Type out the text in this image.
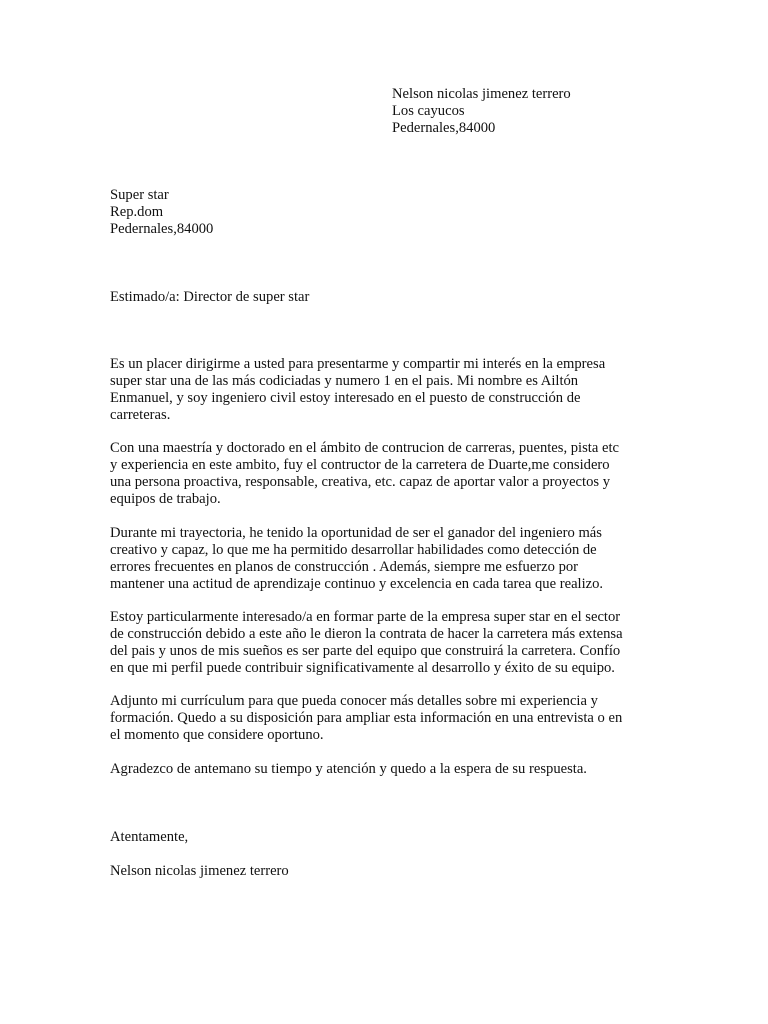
Nelson nicolas jimenez terrero
Los cayucos
Pedernales,84000
Super star
Rep.dom
Pedernales,84000
Estimado/a: Director de super star
Es un placer dirigirme a usted para presentarme y compartir mi interés en la empresa
super star una de las más codiciadas y numero 1 en el pais. Mi nombre es Ailtón
Enmanuel, y soy ingeniero civil estoy interesado en el puesto de construcción de
carreteras.
Con una maestría y doctorado en el ámbito de contrucion de carreras, puentes, pista etc
y experiencia en este ambito, fuy el contructor de la carretera de Duarte,me considero
una persona proactiva, responsable, creativa, etc. capaz de aportar valor a proyectos y
equipos de trabajo.
Durante mi trayectoria, he tenido la oportunidad de ser el ganador del ingeniero más
creativo y capaz, lo que me ha permitido desarrollar habilidades como detección de
errores frecuentes en planos de construcción . Además, siempre me esfuerzo por
mantener una actitud de aprendizaje continuo y excelencia en cada tarea que realizo.
Estoy particularmente interesado/a en formar parte de la empresa super star en el sector
de construcción debido a este año le dieron la contrata de hacer la carretera más extensa
del pais y unos de mis sueños es ser parte del equipo que construirá la carretera. Confío
en que mi perfil puede contribuir significativamente al desarrollo y éxito de su equipo.
Adjunto mi currículum para que pueda conocer más detalles sobre mi experiencia y
formación. Quedo a su disposición para ampliar esta información en una entrevista o en
el momento que considere oportuno.
Agradezco de antemano su tiempo y atención y quedo a la espera de su respuesta.
Atentamente,
Nelson nicolas jimenez terrero
